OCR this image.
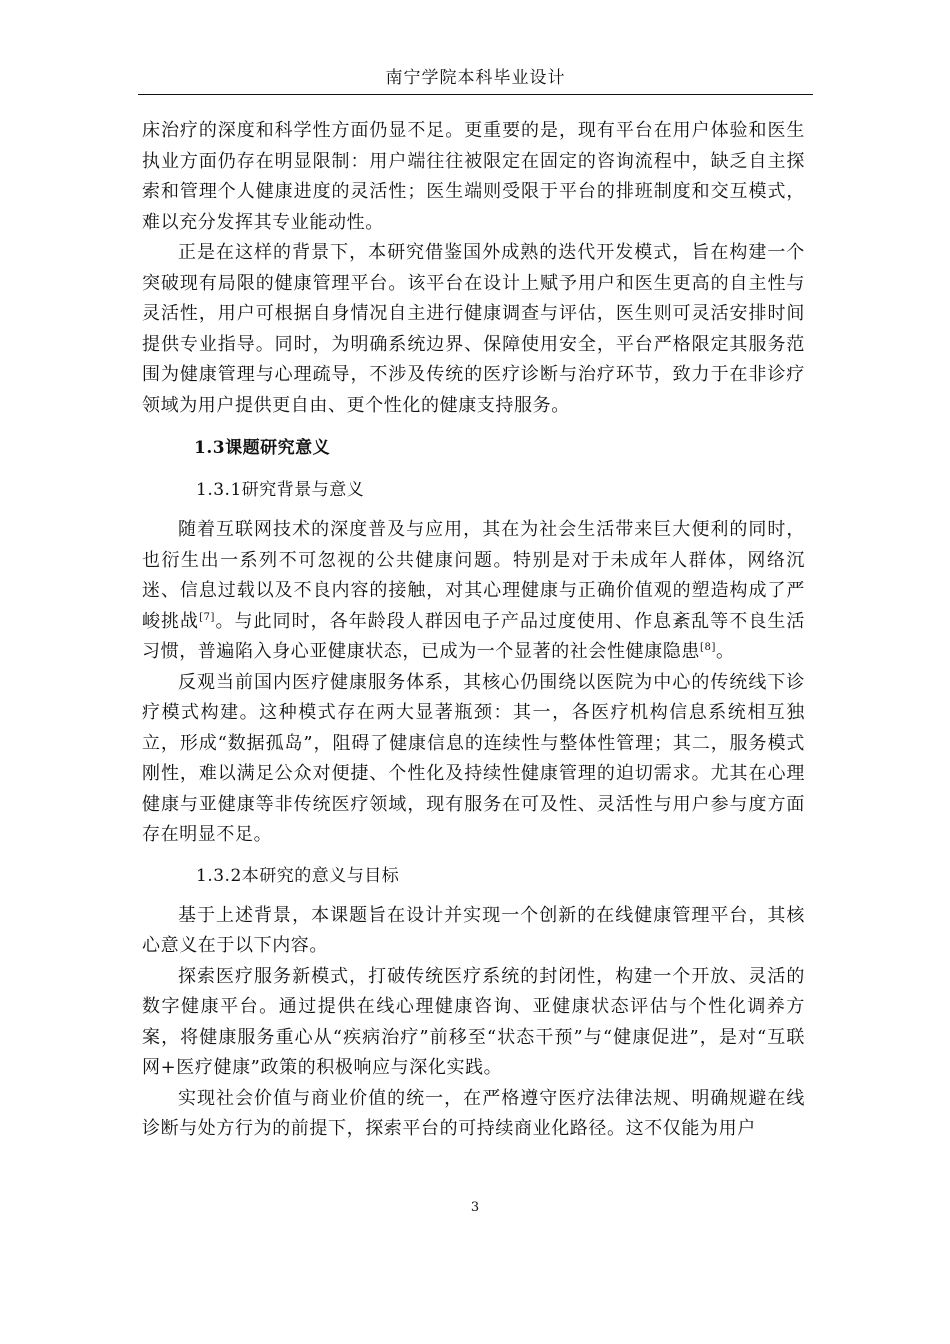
南宁学院本科毕业设计

床治疗的深度和科学性方面仍显不足。更重要的是，现有平台在用户体验和医生执业方面仍存在明显限制：用户端往往被限定在固定的咨询流程中，缺乏自主探索和管理个人健康进度的灵活性；医生端则受限于平台的排班制度和交互模式，难以充分发挥其专业能动性。

正是在这样的背景下，本研究借鉴国外成熟的迭代开发模式，旨在构建一个突破现有局限的健康管理平台。该平台在设计上赋予用户和医生更高的自主性与灵活性，用户可根据自身情况自主进行健康调查与评估，医生则可灵活安排时间提供专业指导。同时，为明确系统边界、保障使用安全，平台严格限定其服务范围为健康管理与心理疏导，不涉及传统的医疗诊断与治疗环节，致力于在非诊疗领域为用户提供更自由、更个性化的健康支持服务。

1.3课题研究意义
1.3.1研究背景与意义

随着互联网技术的深度普及与应用，其在为社会生活带来巨大便利的同时，也衍生出一系列不可忽视的公共健康问题。特别是对于未成年人群体，网络沉迷、信息过载以及不良内容的接触，对其心理健康与正确价值观的塑造构成了严峻挑战[7]。与此同时，各年龄段人群因电子产品过度使用、作息紊乱等不良生活习惯，普遍陷入身心亚健康状态，已成为一个显著的社会性健康隐患[8]。

反观当前国内医疗健康服务体系，其核心仍围绕以医院为中心的传统线下诊疗模式构建。这种模式存在两大显著瓶颈：其一，各医疗机构信息系统相互独立，形成“数据孤岛”，阻碍了健康信息的连续性与整体性管理；其二，服务模式刚性，难以满足公众对便捷、个性化及持续性健康管理的迫切需求。尤其在心理健康与亚健康等非传统医疗领域，现有服务在可及性、灵活性与用户参与度方面存在明显不足。

1.3.2本研究的意义与目标

基于上述背景，本课题旨在设计并实现一个创新的在线健康管理平台，其核心意义在于以下内容。

探索医疗服务新模式，打破传统医疗系统的封闭性，构建一个开放、灵活的数字健康平台。通过提供在线心理健康咨询、亚健康状态评估与个性化调养方案，将健康服务重心从“疾病治疗”前移至“状态干预”与“健康促进”，是对“互联网+医疗健康”政策的积极响应与深化实践。

实现社会价值与商业价值的统一，在严格遵守医疗法律法规、明确规避在线诊断与处方行为的前提下，探索平台的可持续商业化路径。这不仅能为用户

3
